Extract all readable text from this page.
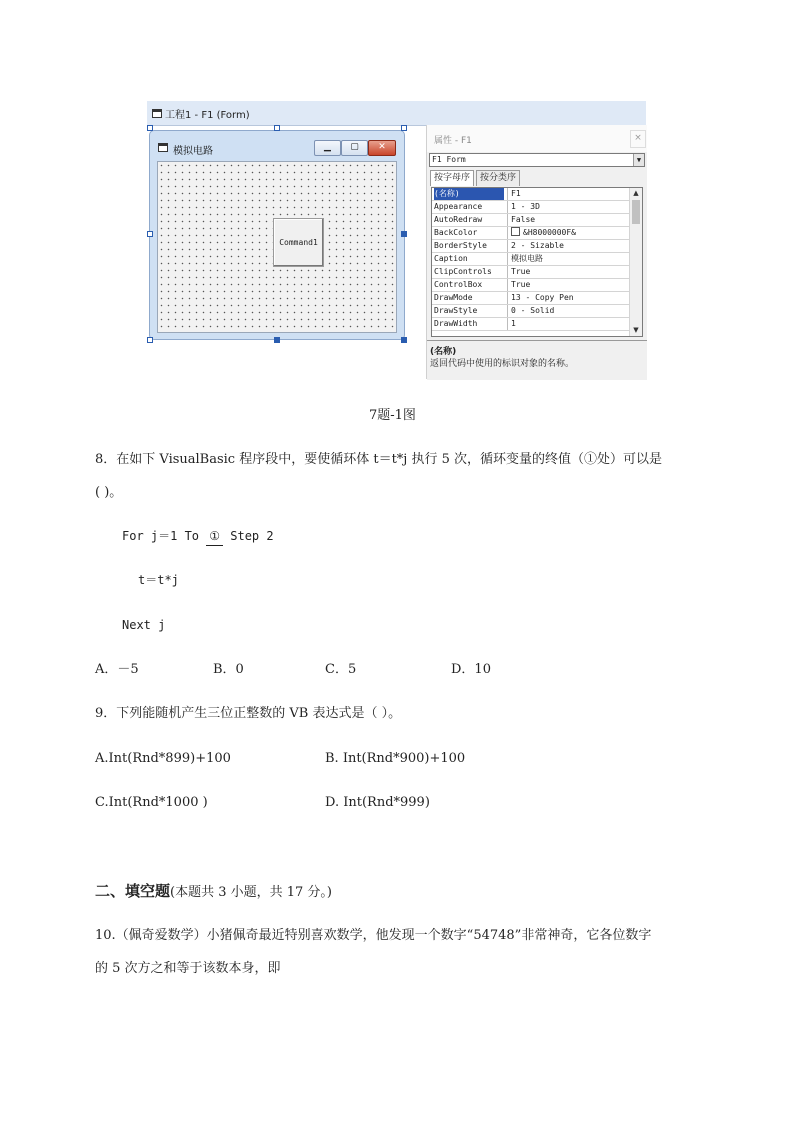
工程1 - F1 (Form)
模拟电路	▁	▢	✕
Command1
属性 - F1	×
F1 Form	▼
按字母序	按分类序
(名称)	F1
Appearance	1 - 3D
AutoRedraw	False
BackColor	&H8000000F&
BorderStyle	2 - Sizable
Caption	模拟电路
ClipControls	True
ControlBox	True
DrawMode	13 - Copy Pen
DrawStyle	0 - Solid
DrawWidth	1
▲
▼
(名称)
返回代码中使用的标识对象的名称。
7题-1图
8．在如下 VisualBasic 程序段中，要使循环体 t＝t*j 执行 5 次，循环变量的终值（①处）可以是
( )。
For j＝1 To ① Step 2
t＝t*j
Next j
A．－5	B．0	C．5	D．10
9．下列能随机产生三位正整数的 VB 表达式是（ ）。
A.Int(Rnd*899)+100	B. Int(Rnd*900)+100
C.Int(Rnd*1000 )	D. Int(Rnd*999)
二、填空题(本题共 3 小题，共 17 分。)
10.（佩奇爱数学）小猪佩奇最近特别喜欢数学，他发现一个数字“54748”非常神奇，它各位数字
的 5 次方之和等于该数本身，即
